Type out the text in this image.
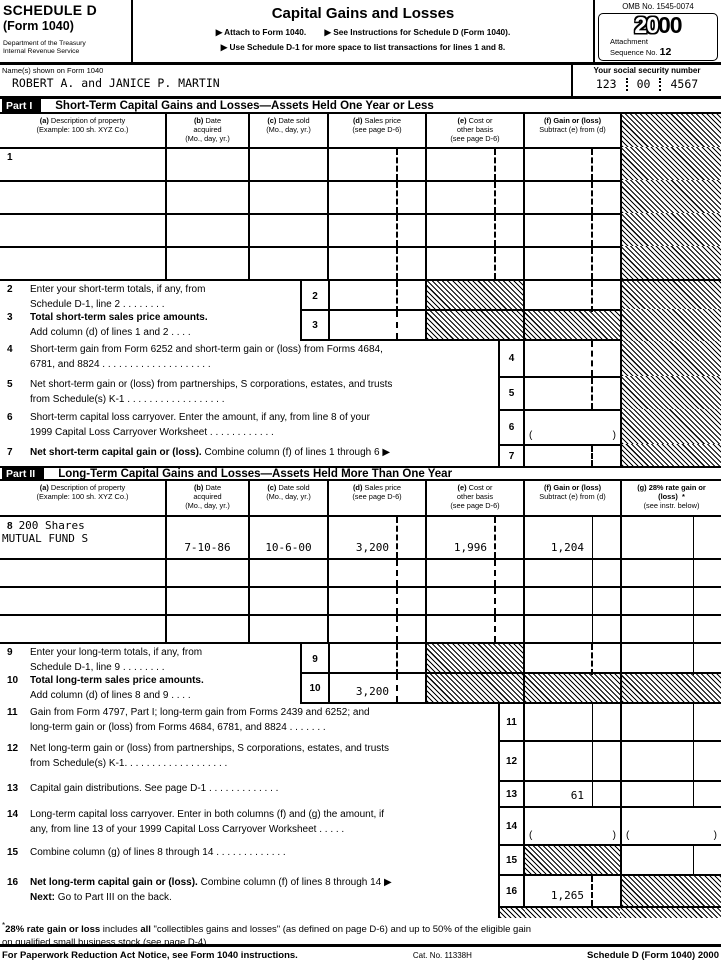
SCHEDULE D
(Form 1040)
Department of the Treasury
Internal Revenue Service
Capital Gains and Losses
▶ Attach to Form 1040. ▶ See Instructions for Schedule D (Form 1040).
▶ Use Schedule D-1 for more space to list transactions for lines 1 and 8.
OMB No. 1545-0074
2000
Attachment
Sequence No. 12
Name(s) shown on Form 1040
ROBERT A. and JANICE P. MARTIN
Your social security number
123 00 4567
Part I	Short-Term Capital Gains and Losses—Assets Held One Year or Less
(a) Description of property
(Example: 100 sh. XYZ Co.)
(b) Date
acquired
(Mo., day, yr.)
(c) Date sold
(Mo., day, yr.)
(d) Sales price
(see page D-6)
(e) Cost or
other basis
(see page D-6)
(f) Gain or (loss)
Subtract (e) from (d)
1
2	Enter your short-term totals, if any, from
Schedule D-1, line 2 . . . . . . . .
2
3	Total short-term sales price amounts.
Add column (d) of lines 1 and 2 . . . .
3
4	Short-term gain from Form 6252 and short-term gain or (loss) from Forms 4684,
6781, and 8824 . . . . . . . . . . . . . . . . . . . .
4
5	Net short-term gain or (loss) from partnerships, S corporations, estates, and trusts
from Schedule(s) K-1 . . . . . . . . . . . . . . . . . .
5
6	Short-term capital loss carryover. Enter the amount, if any, from line 8 of your
1999 Capital Loss Carryover Worksheet . . . . . . . . . . . .	6
(	)
7	Net short-term capital gain or (loss). Combine column (f) of lines 1 through 6 ▶	7
Part II	Long-Term Capital Gains and Losses—Assets Held More Than One Year
(a) Description of property
(Example: 100 sh. XYZ Co.)
(b) Date
acquired
(Mo., day, yr.)
(c) Date sold
(Mo., day, yr.)
(d) Sales price
(see page D-6)
(e) Cost or
other basis
(see page D-6)
(f) Gain or (loss)
Subtract (e) from (d)
(g) 28% rate gain or
(loss) *
(see instr. below)
8 200 Shares
MUTUAL FUND S
7-10-86	10-6-00	3,200	1,996	1,204
9	Enter your long-term totals, if any, from
Schedule D-1, line 9 . . . . . . . .
9
10	Total long-term sales price amounts.
Add column (d) of lines 8 and 9 . . . .
10	3,200
11	Gain from Form 4797, Part I; long-term gain from Forms 2439 and 6252; and
long-term gain or (loss) from Forms 4684, 6781, and 8824 . . . . . . .	11
12	Net long-term gain or (loss) from partnerships, S corporations, estates, and trusts
from Schedule(s) K-1. . . . . . . . . . . . . . . . . . .	12
13	Capital gain distributions. See page D-1 . . . . . . . . . . . . .	13	61
14	Long-term capital loss carryover. Enter in both columns (f) and (g) the amount, if
any, from line 13 of your 1999 Capital Loss Carryover Worksheet . . . . .	14
(	) (	)
15	Combine column (g) of lines 8 through 14 . . . . . . . . . . . . .
15
16	Net long-term capital gain or (loss). Combine column (f) of lines 8 through 14 ▶
Next: Go to Part III on the back.
16	1,265
*28% rate gain or loss includes all "collectibles gains and losses" (as defined on page D-6) and up to 50% of the eligible gain
on qualified small business stock (see page D-4).
For Paperwork Reduction Act Notice, see Form 1040 instructions.	Cat. No. 11338H	Schedule D (Form 1040) 2000
